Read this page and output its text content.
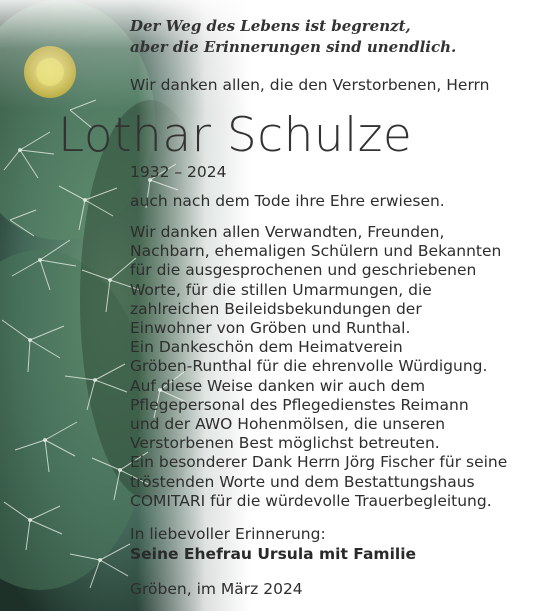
Der Weg des Lebens ist begrenzt,
aber die Erinnerungen sind unendlich.
Wir danken allen, die den Verstorbenen, Herrn
Lothar Schulze
1932 – 2024
auch nach dem Tode ihre Ehre erwiesen.
Wir danken allen Verwandten, Freunden,
Nachbarn, ehemaligen Schülern und Bekannten
für die ausgesprochenen und geschriebenen
Worte, für die stillen Umarmungen, die
zahlreichen Beileidsbekundungen der
Einwohner von Gröben und Runthal.
Ein Dankeschön dem Heimatverein
Gröben-Runthal für die ehrenvolle Würdigung.
Auf diese Weise danken wir auch dem
Pflegepersonal des Pflegedienstes Reimann
und der AWO Hohenmölsen, die unseren
Verstorbenen Best möglichst betreuten.
Ein besonderer Dank Herrn Jörg Fischer für seine
tröstenden Worte und dem Bestattungshaus
COMITARI für die würdevolle Trauerbegleitung.
In liebevoller Erinnerung:
Seine Ehefrau Ursula mit Familie
Gröben, im März 2024
